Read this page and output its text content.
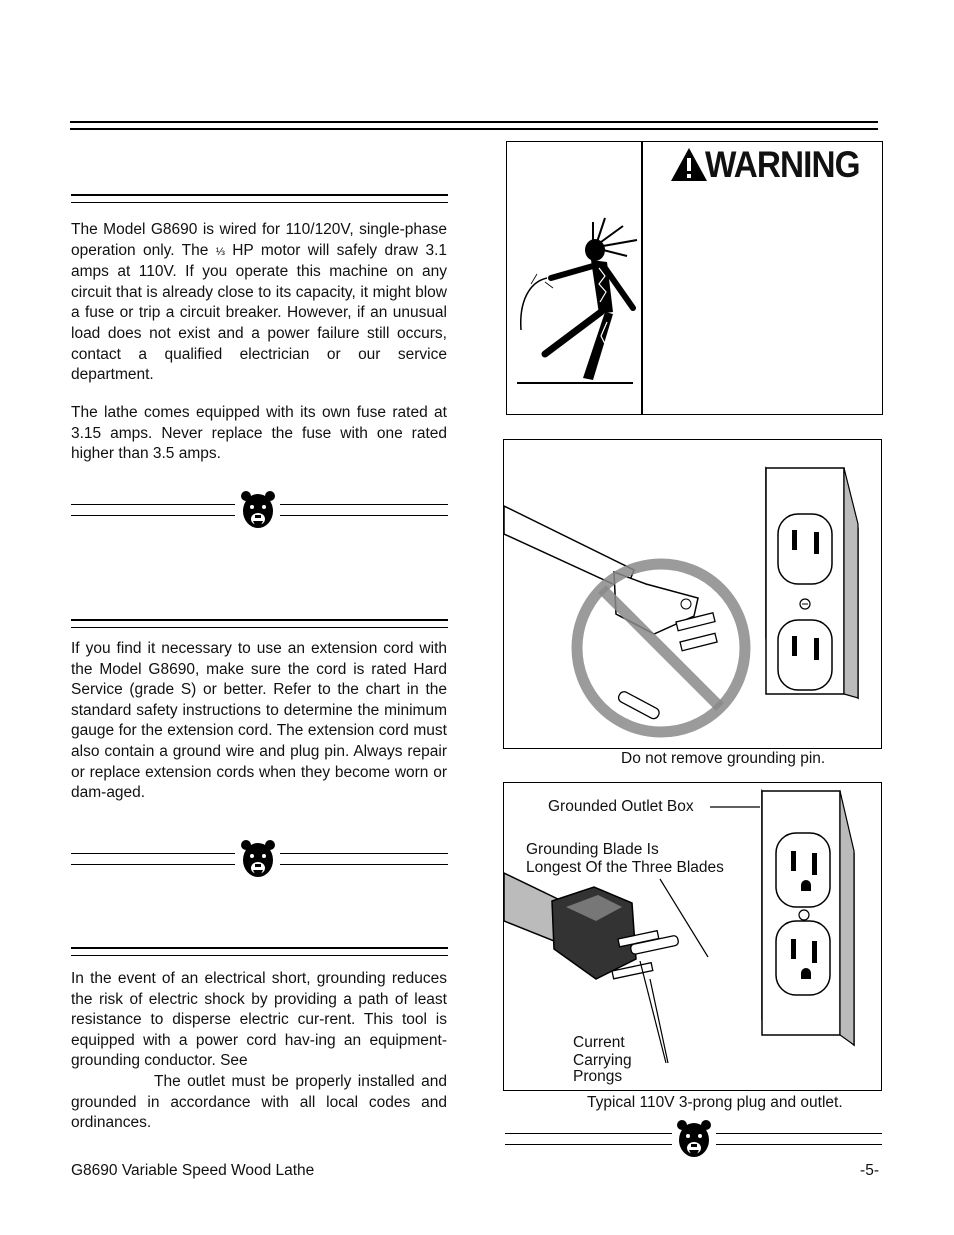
The Model G8690 is wired for 110/120V, single-phase operation only. The ⅓ HP motor will safely draw 3.1 amps at 110V. If you operate this machine on any circuit that is already close to its capacity, it might blow a fuse or trip a circuit breaker. However, if an unusual load does not exist and a power failure still occurs, contact a qualified electrician or our service department.
The lathe comes equipped with its own fuse rated at 3.15 amps. Never replace the fuse with one rated higher than 3.5 amps.
If you find it necessary to use an extension cord with the Model G8690, make sure the cord is rated Hard Service (grade S) or better. Refer to the chart in the standard safety instructions to determine the minimum gauge for the extension cord. The extension cord must also contain a ground wire and plug pin. Always repair or replace extension cords when they become worn or dam-aged.
In the event of an electrical short, grounding reduces the risk of electric shock by providing a path of least resistance to disperse electric cur-rent. This tool is equipped with a power cord hav-ing an equipment-grounding conductor. See
The outlet must be properly installed and grounded in accordance with all local codes and ordinances.
WARNING
Do not remove grounding pin.
Grounded Outlet Box
Grounding Blade Is
Longest Of the Three Blades
Current
Carrying
Prongs
Typical 110V 3-prong plug and outlet.
G8690 Variable Speed Wood Lathe	-5-
